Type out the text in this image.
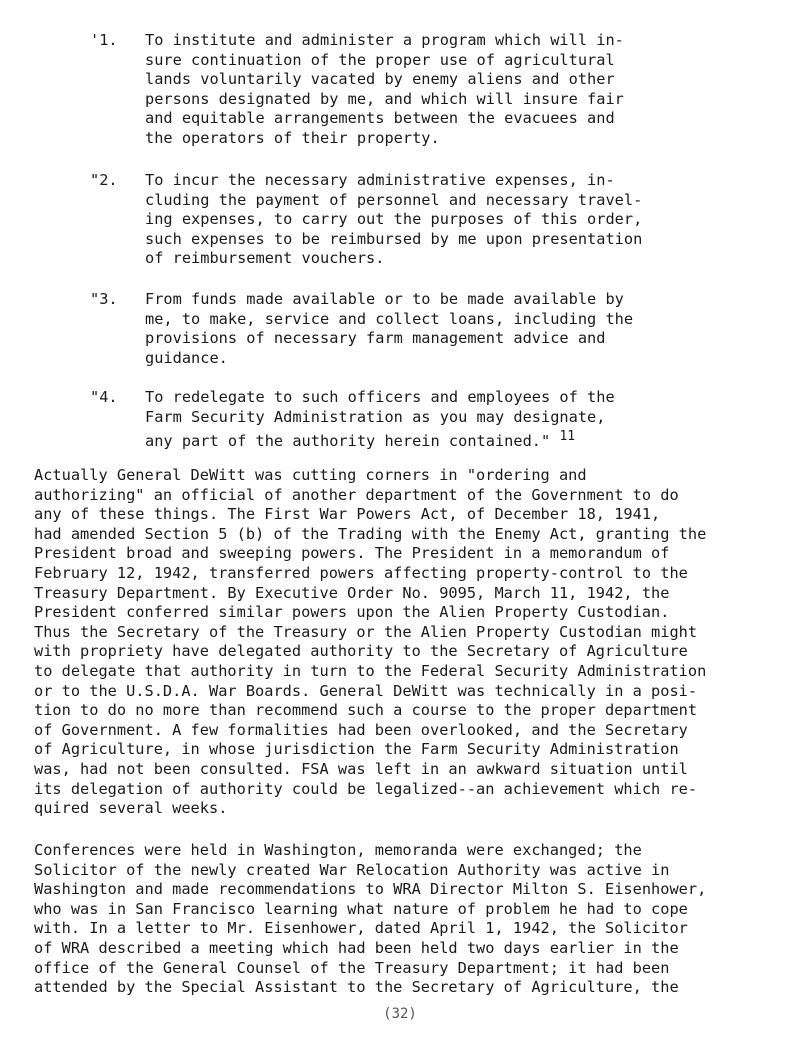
'1.	To institute and administer a program which will in-
sure continuation of the proper use of agricultural
lands voluntarily vacated by enemy aliens and other
persons designated by me, and which will insure fair
and equitable arrangements between the evacuees and
the operators of their property.
"2.	To incur the necessary administrative expenses, in-
cluding the payment of personnel and necessary travel-
ing expenses, to carry out the purposes of this order,
such expenses to be reimbursed by me upon presentation
of reimbursement vouchers.
"3.	From funds made available or to be made available by
me, to make, service and collect loans, including the
provisions of necessary farm management advice and
guidance.
"4.	To redelegate to such officers and employees of the
Farm Security Administration as you may designate,
any part of the authority herein contained." $^{11}$
Actually General DeWitt was cutting corners in "ordering and
authorizing" an official of another department of the Government to do
any of these things. The First War Powers Act, of December 18, 1941,
had amended Section 5 (b) of the Trading with the Enemy Act, granting the
President broad and sweeping powers. The President in a memorandum of
February 12, 1942, transferred powers affecting property-control to the
Treasury Department. By Executive Order No. 9095, March 11, 1942, the
President conferred similar powers upon the Alien Property Custodian.
Thus the Secretary of the Treasury or the Alien Property Custodian might
with propriety have delegated authority to the Secretary of Agriculture
to delegate that authority in turn to the Federal Security Administration
or to the U.S.D.A. War Boards. General DeWitt was technically in a posi-
tion to do no more than recommend such a course to the proper department
of Government. A few formalities had been overlooked, and the Secretary
of Agriculture, in whose jurisdiction the Farm Security Administration
was, had not been consulted. FSA was left in an awkward situation until
its delegation of authority could be legalized--an achievement which re-
quired several weeks.
Conferences were held in Washington, memoranda were exchanged; the
Solicitor of the newly created War Relocation Authority was active in
Washington and made recommendations to WRA Director Milton S. Eisenhower,
who was in San Francisco learning what nature of problem he had to cope
with. In a letter to Mr. Eisenhower, dated April 1, 1942, the Solicitor
of WRA described a meeting which had been held two days earlier in the
office of the General Counsel of the Treasury Department; it had been
attended by the Special Assistant to the Secretary of Agriculture, the
(32)
